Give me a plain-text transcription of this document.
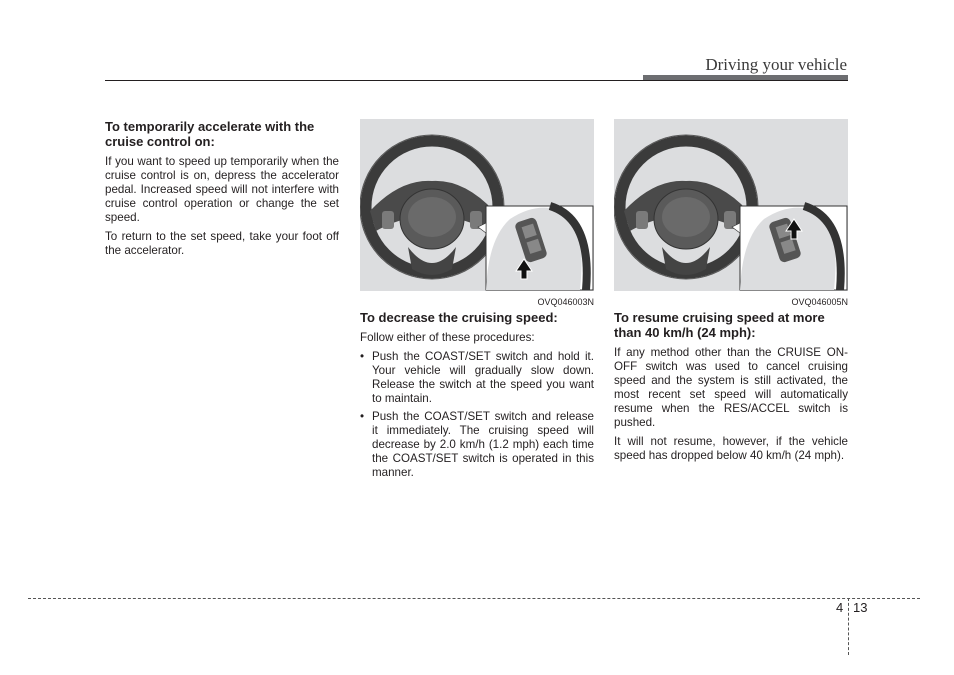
Driving your vehicle
To temporarily accelerate with the cruise control on:

If you want to speed up temporarily when the cruise control is on, depress the accelerator pedal. Increased speed will not interfere with cruise control operation or change the set speed.

To return to the set speed, take your foot off the accelerator.

OVQ046003N	OVQ046005N
To decrease the cruising speed:

Follow either of these procedures:

• Push the COAST/SET switch and hold it. Your vehicle will gradually slow down. Release the switch at the speed you want to maintain.
• Push the COAST/SET switch and release it immediately. The cruising speed will decrease by 2.0 km/h (1.2 mph) each time the COAST/SET switch is operated in this manner.
To resume cruising speed at more than 40 km/h (24 mph):

If any method other than the CRUISE ON-OFF switch was used to cancel cruising speed and the system is still activated, the most recent set speed will automatically resume when the RES/ACCEL switch is pushed.

It will not resume, however, if the vehicle speed has dropped below 40 km/h (24 mph).

4 13
